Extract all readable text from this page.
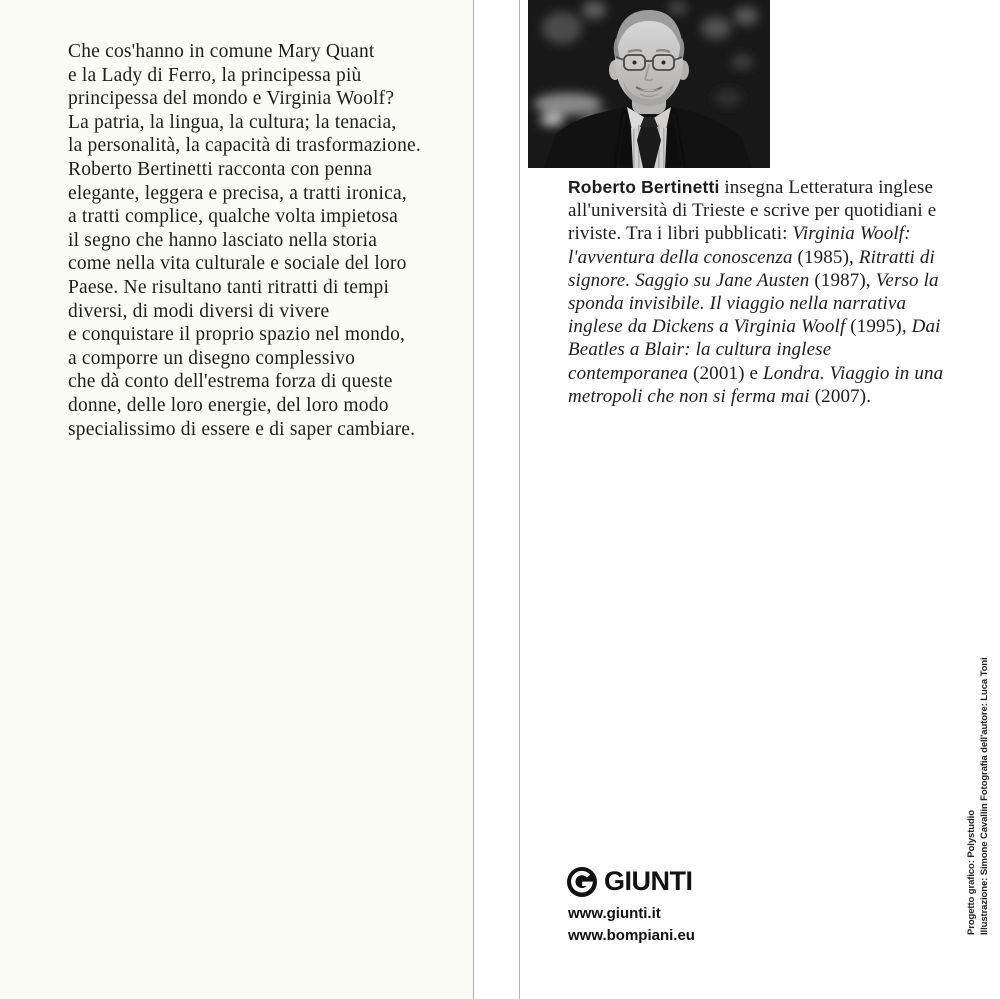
Che cos'hanno in comune Mary Quant
e la Lady di Ferro, la principessa più
principessa del mondo e Virginia Woolf?
La patria, la lingua, la cultura; la tenacia,
la personalità, la capacità di trasformazione.
Roberto Bertinetti racconta con penna
elegante, leggera e precisa, a tratti ironica,
a tratti complice, qualche volta impietosa
il segno che hanno lasciato nella storia
come nella vita culturale e sociale del loro
Paese. Ne risultano tanti ritratti di tempi
diversi, di modi diversi di vivere
e conquistare il proprio spazio nel mondo,
a comporre un disegno complessivo
che dà conto dell'estrema forza di queste
donne, delle loro energie, del loro modo
specialissimo di essere e di saper cambiare.

Roberto Bertinetti insegna Letteratura inglese all'università di Trieste e scrive per quotidiani e riviste. Tra i libri pubblicati: Virginia Woolf: l'avventura della conoscenza (1985), Ritratti di signore. Saggio su Jane Austen (1987), Verso la sponda invisibile. Il viaggio nella narrativa inglese da Dickens a Virginia Woolf (1995), Dai Beatles a Blair: la cultura inglese contemporanea (2001) e Londra. Viaggio in una metropoli che non si ferma mai (2007).

GIUNTI
www.giunti.it
www.bompiani.eu	Progetto grafico: Polystudio Illustrazione: Simone Cavallin Fotografia dell'autore: Luca Toni
